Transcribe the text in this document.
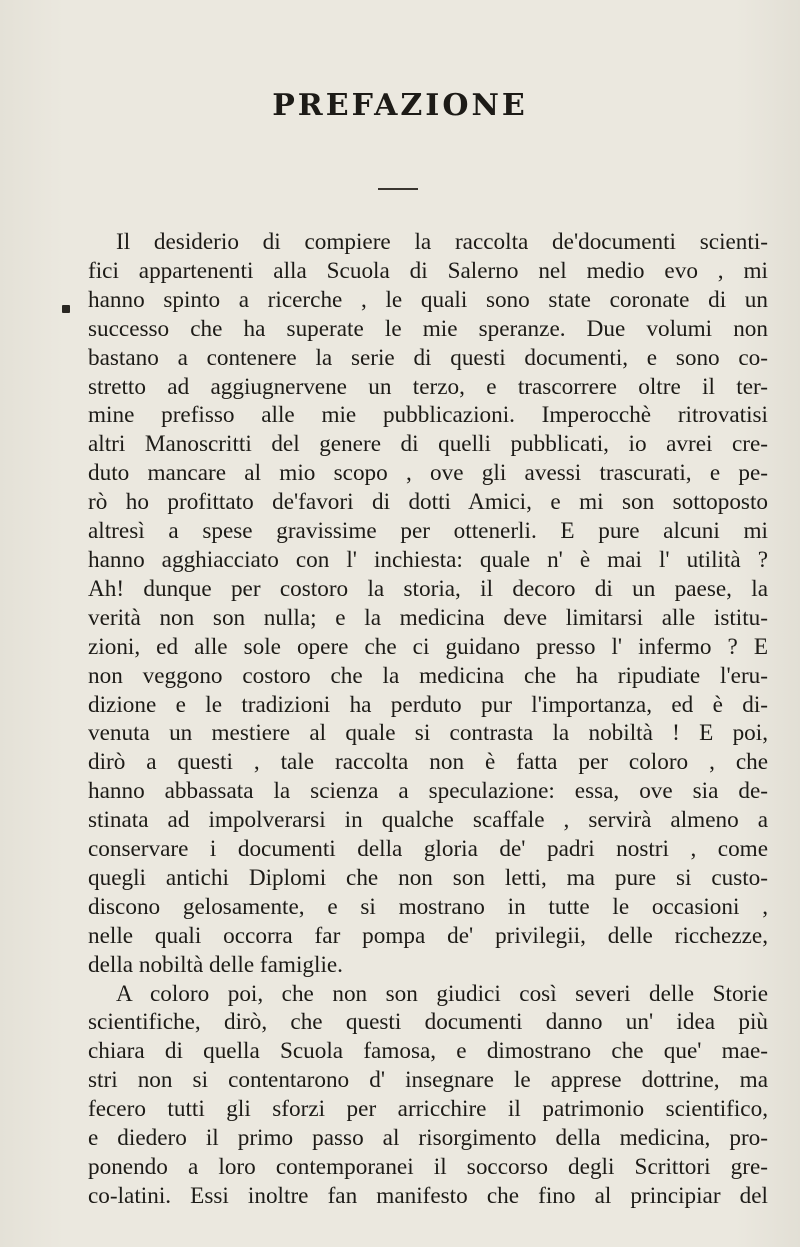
PREFAZIONE
Il desiderio di compiere la raccolta de'documenti scienti-
fici appartenenti alla Scuola di Salerno nel medio evo , mi
hanno spinto a ricerche , le quali sono state coronate di un
successo che ha superate le mie speranze. Due volumi non
bastano a contenere la serie di questi documenti, e sono co-
stretto ad aggiugnervene un terzo, e trascorrere oltre il ter-
mine prefisso alle mie pubblicazioni. Imperocchè ritrovatisi
altri Manoscritti del genere di quelli pubblicati, io avrei cre-
duto mancare al mio scopo , ove gli avessi trascurati, e pe-
rò ho profittato de'favori di dotti Amici, e mi son sottoposto
altresì a spese gravissime per ottenerli. E pure alcuni mi
hanno agghiacciato con l' inchiesta: quale n' è mai l' utilità ?
Ah! dunque per costoro la storia, il decoro di un paese, la
verità non son nulla; e la medicina deve limitarsi alle istitu-
zioni, ed alle sole opere che ci guidano presso l' infermo ? E
non veggono costoro che la medicina che ha ripudiate l'eru-
dizione e le tradizioni ha perduto pur l'importanza, ed è di-
venuta un mestiere al quale si contrasta la nobiltà ! E poi,
dirò a questi , tale raccolta non è fatta per coloro , che
hanno abbassata la scienza a speculazione: essa, ove sia de-
stinata ad impolverarsi in qualche scaffale , servirà almeno a
conservare i documenti della gloria de' padri nostri , come
quegli antichi Diplomi che non son letti, ma pure si custo-
discono gelosamente, e si mostrano in tutte le occasioni ,
nelle quali occorra far pompa de' privilegii, delle ricchezze,
della nobiltà delle famiglie.
A coloro poi, che non son giudici così severi delle Storie
scientifiche, dirò, che questi documenti danno un' idea più
chiara di quella Scuola famosa, e dimostrano che que' mae-
stri non si contentarono d' insegnare le apprese dottrine, ma
fecero tutti gli sforzi per arricchire il patrimonio scientifico,
e diedero il primo passo al risorgimento della medicina, pro-
ponendo a loro contemporanei il soccorso degli Scrittori gre-
co-latini. Essi inoltre fan manifesto che fino al principiar del
